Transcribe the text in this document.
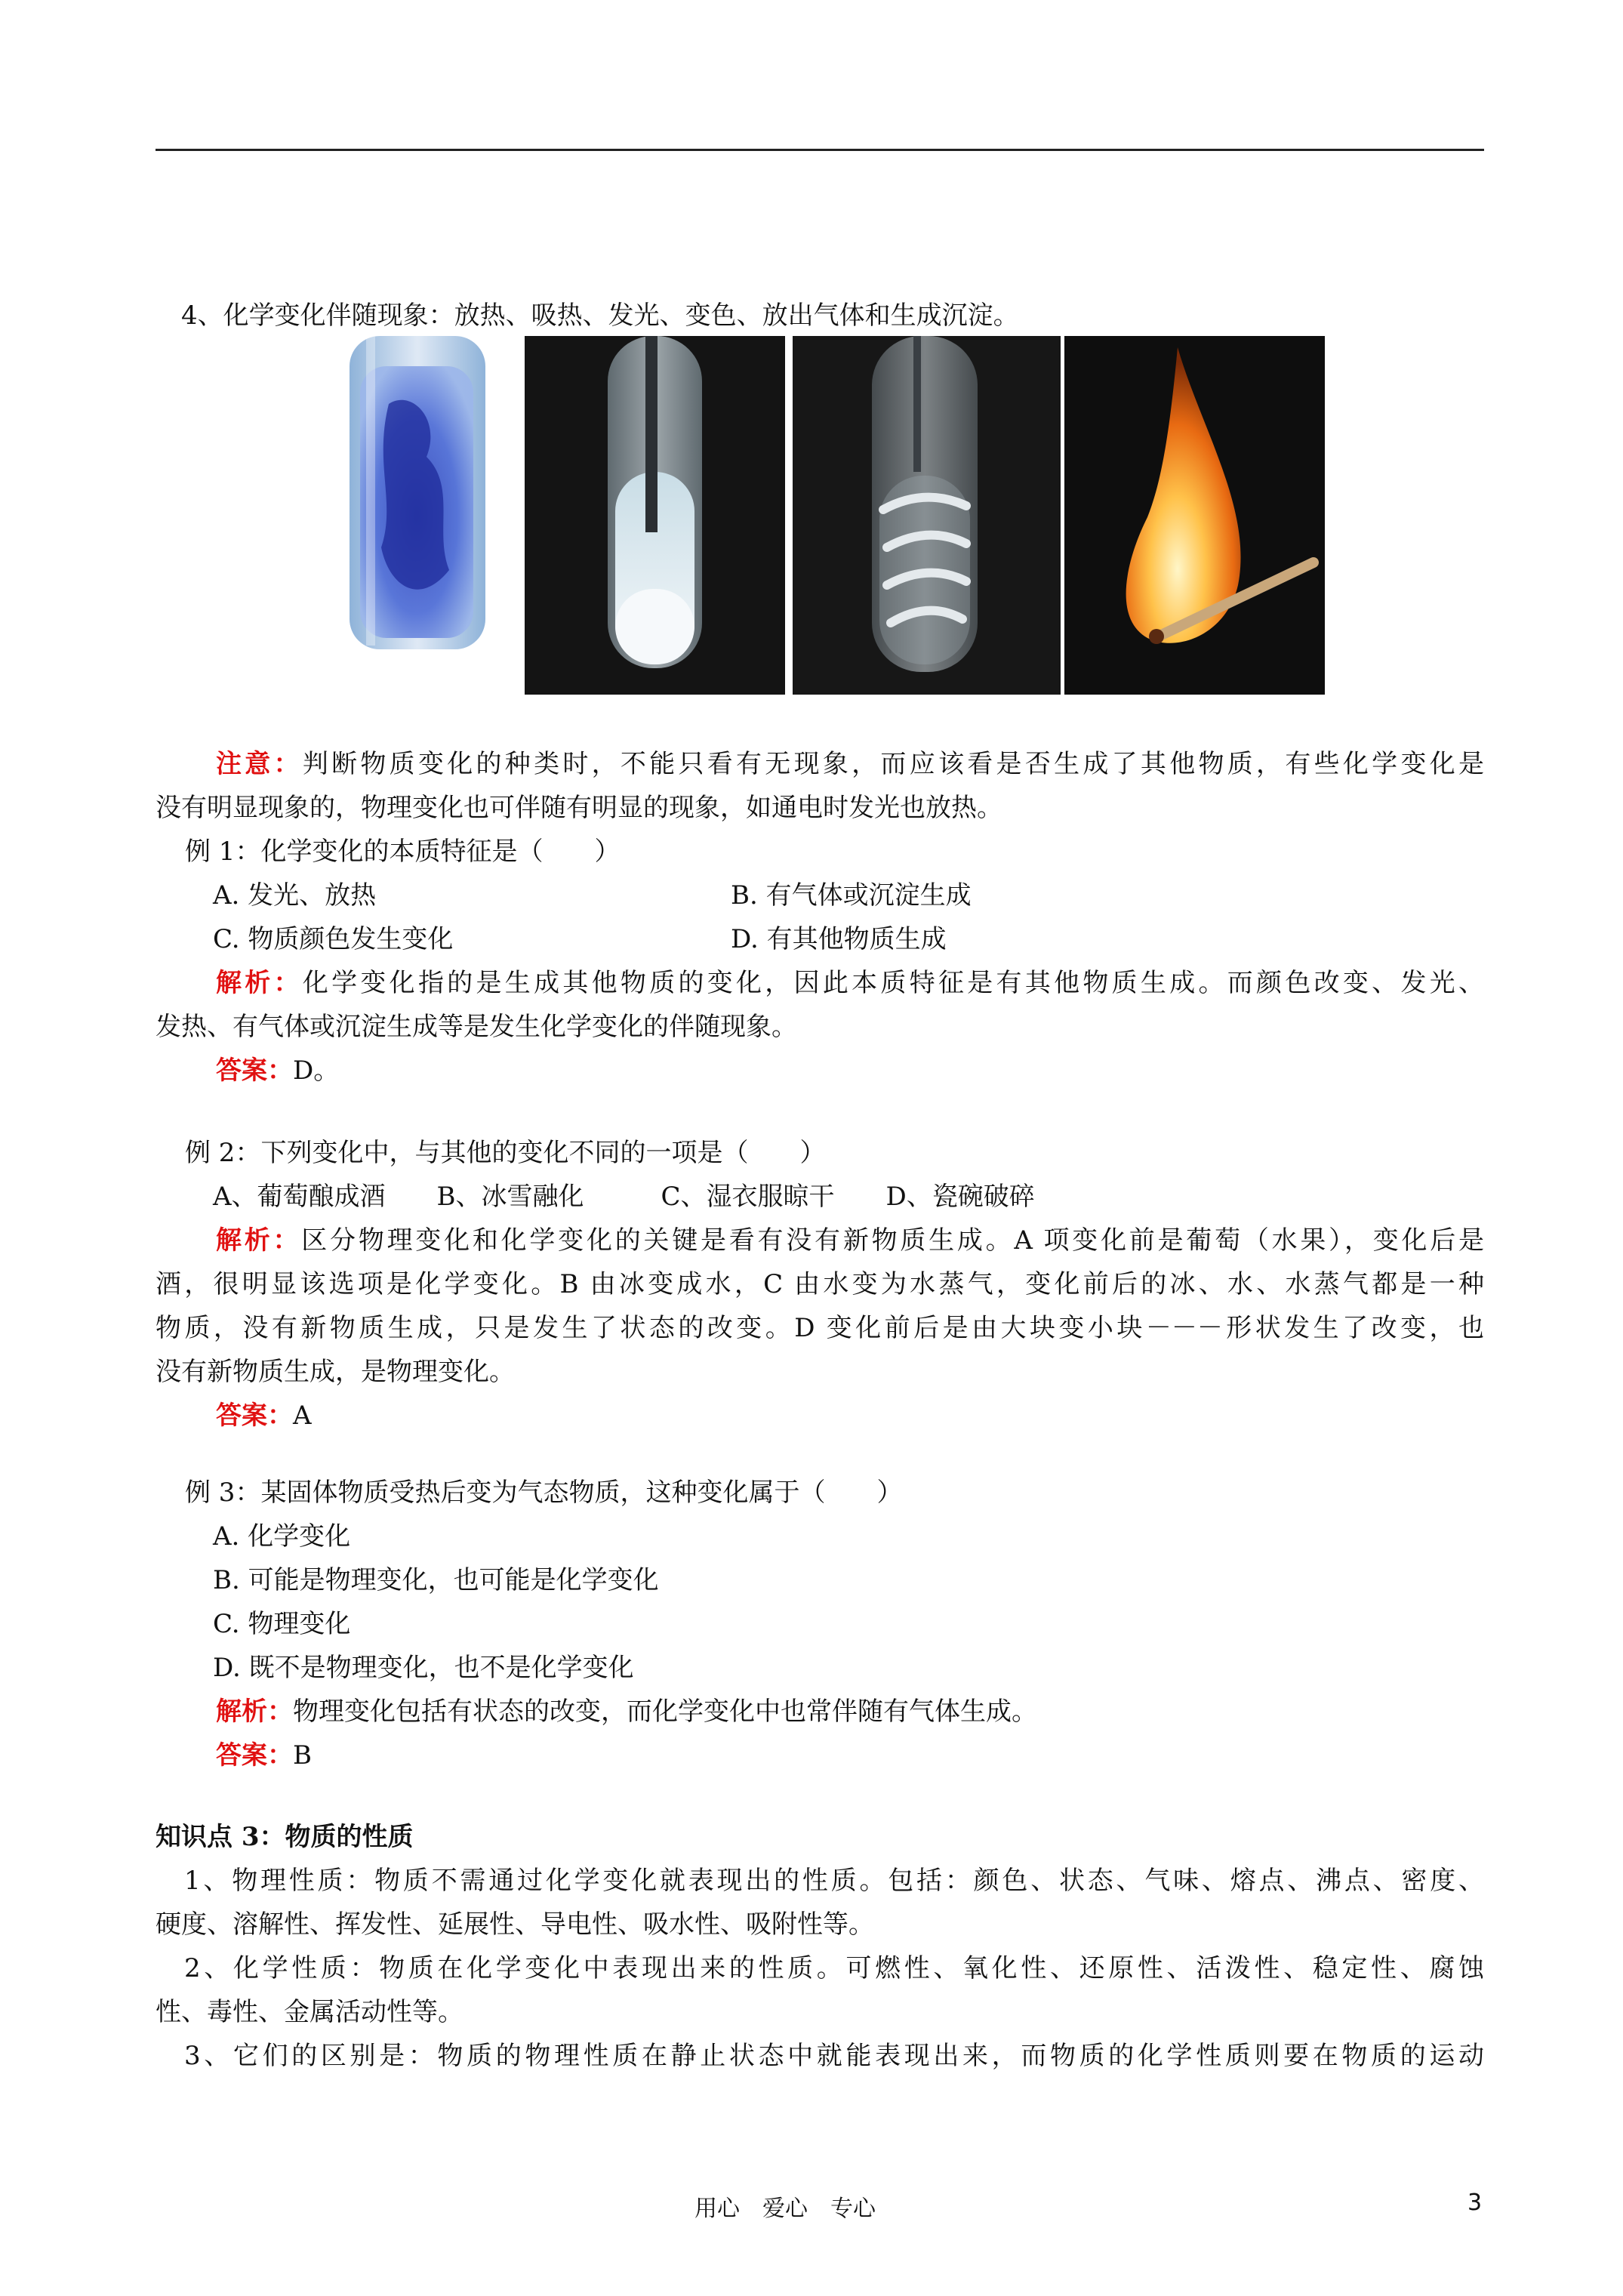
4、化学变化伴随现象：放热、吸热、发光、变色、放出气体和生成沉淀。
注意：判断物质变化的种类时，不能只看有无现象，而应该看是否生成了其他物质，有些化学变化是
没有明显现象的，物理变化也可伴随有明显的现象，如通电时发光也放热。
例 1：化学变化的本质特征是（　　）
A. 发光、放热	B. 有气体或沉淀生成
C. 物质颜色发生变化	D. 有其他物质生成
解析：化学变化指的是生成其他物质的变化，因此本质特征是有其他物质生成。而颜色改变、发光、
发热、有气体或沉淀生成等是发生化学变化的伴随现象。
答案：D。
例 2：下列变化中，与其他的变化不同的一项是（　　）
A、葡萄酿成酒　　B、冰雪融化　　　C、湿衣服晾干　　D、瓷碗破碎
解析：区分物理变化和化学变化的关键是看有没有新物质生成。A 项变化前是葡萄（水果），变化后是
酒，很明显该选项是化学变化。B 由冰变成水，C 由水变为水蒸气，变化前后的冰、水、水蒸气都是一种
物质，没有新物质生成，只是发生了状态的改变。D 变化前后是由大块变小块－－－形状发生了改变，也
没有新物质生成，是物理变化。
答案：A
例 3：某固体物质受热后变为气态物质，这种变化属于（　　）
A. 化学变化
B. 可能是物理变化，也可能是化学变化
C. 物理变化
D. 既不是物理变化，也不是化学变化
解析：物理变化包括有状态的改变，而化学变化中也常伴随有气体生成。
答案：B
知识点 3：物质的性质
1、物理性质：物质不需通过化学变化就表现出的性质。包括：颜色、状态、气味、熔点、沸点、密度、
硬度、溶解性、挥发性、延展性、导电性、吸水性、吸附性等。
2、化学性质：物质在化学变化中表现出来的性质。可燃性、氧化性、还原性、活泼性、稳定性、腐蚀
性、毒性、金属活动性等。
3、它们的区别是：物质的物理性质在静止状态中就能表现出来，而物质的化学性质则要在物质的运动
用心　爱心　专心	3
